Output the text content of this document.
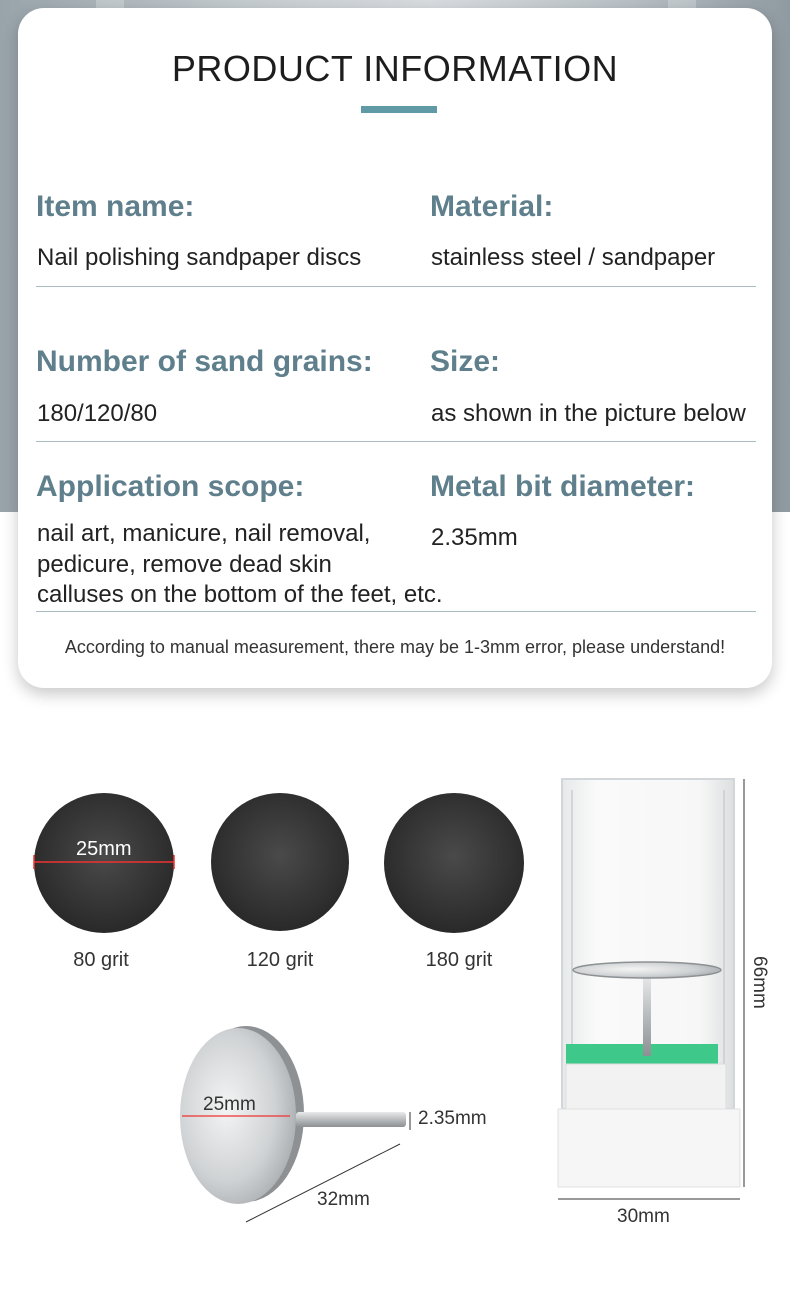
PRODUCT INFORMATION
Item name:
Nail polishing sandpaper discs
Material:
stainless steel / sandpaper
Number of sand grains:
180/120/80
Size:
as shown in the picture below
Application scope:
nail art, manicure, nail removal,
pedicure, remove dead skin
calluses on the bottom of the feet, etc.
Metal bit diameter:
2.35mm
According to manual measurement, there may be 1-3mm error, please understand!
25mm
80 grit	120 grit	180 grit
25mm
2.35mm
32mm
66mm
30mm
